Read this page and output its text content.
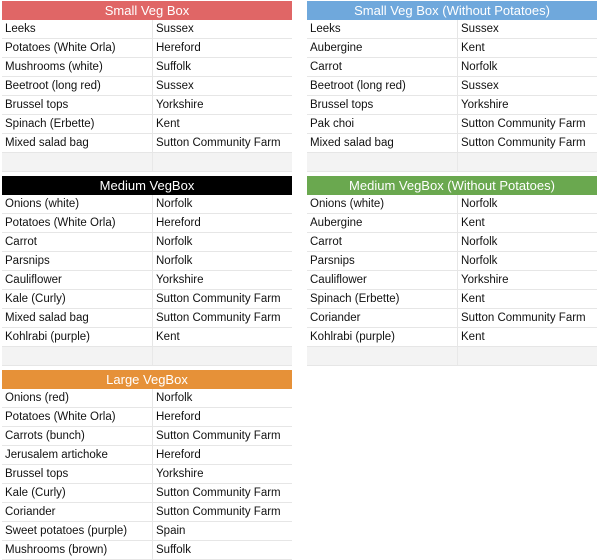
Small Veg Box
Leeks	Sussex
Potatoes (White Orla)	Hereford
Mushrooms (white)	Suffolk
Beetroot (long red)	Sussex
Brussel tops	Yorkshire
Spinach (Erbette)	Kent
Mixed salad bag	Sutton Community Farm
Small Veg Box (Without Potatoes)
Leeks	Sussex
Aubergine	Kent
Carrot	Norfolk
Beetroot (long red)	Sussex
Brussel tops	Yorkshire
Pak choi	Sutton Community Farm
Mixed salad bag	Sutton Community Farm
Medium VegBox
Onions (white)	Norfolk
Potatoes (White Orla)	Hereford
Carrot	Norfolk
Parsnips	Norfolk
Cauliflower	Yorkshire
Kale (Curly)	Sutton Community Farm
Mixed salad bag	Sutton Community Farm
Kohlrabi (purple)	Kent
Medium VegBox (Without Potatoes)
Onions (white)	Norfolk
Aubergine	Kent
Carrot	Norfolk
Parsnips	Norfolk
Cauliflower	Yorkshire
Spinach (Erbette)	Kent
Coriander	Sutton Community Farm
Kohlrabi (purple)	Kent
Large VegBox
Onions (red)	Norfolk
Potatoes (White Orla)	Hereford
Carrots (bunch)	Sutton Community Farm
Jerusalem artichoke	Hereford
Brussel tops	Yorkshire
Kale (Curly)	Sutton Community Farm
Coriander	Sutton Community Farm
Sweet potatoes (purple)	Spain
Mushrooms (brown)	Suffolk
